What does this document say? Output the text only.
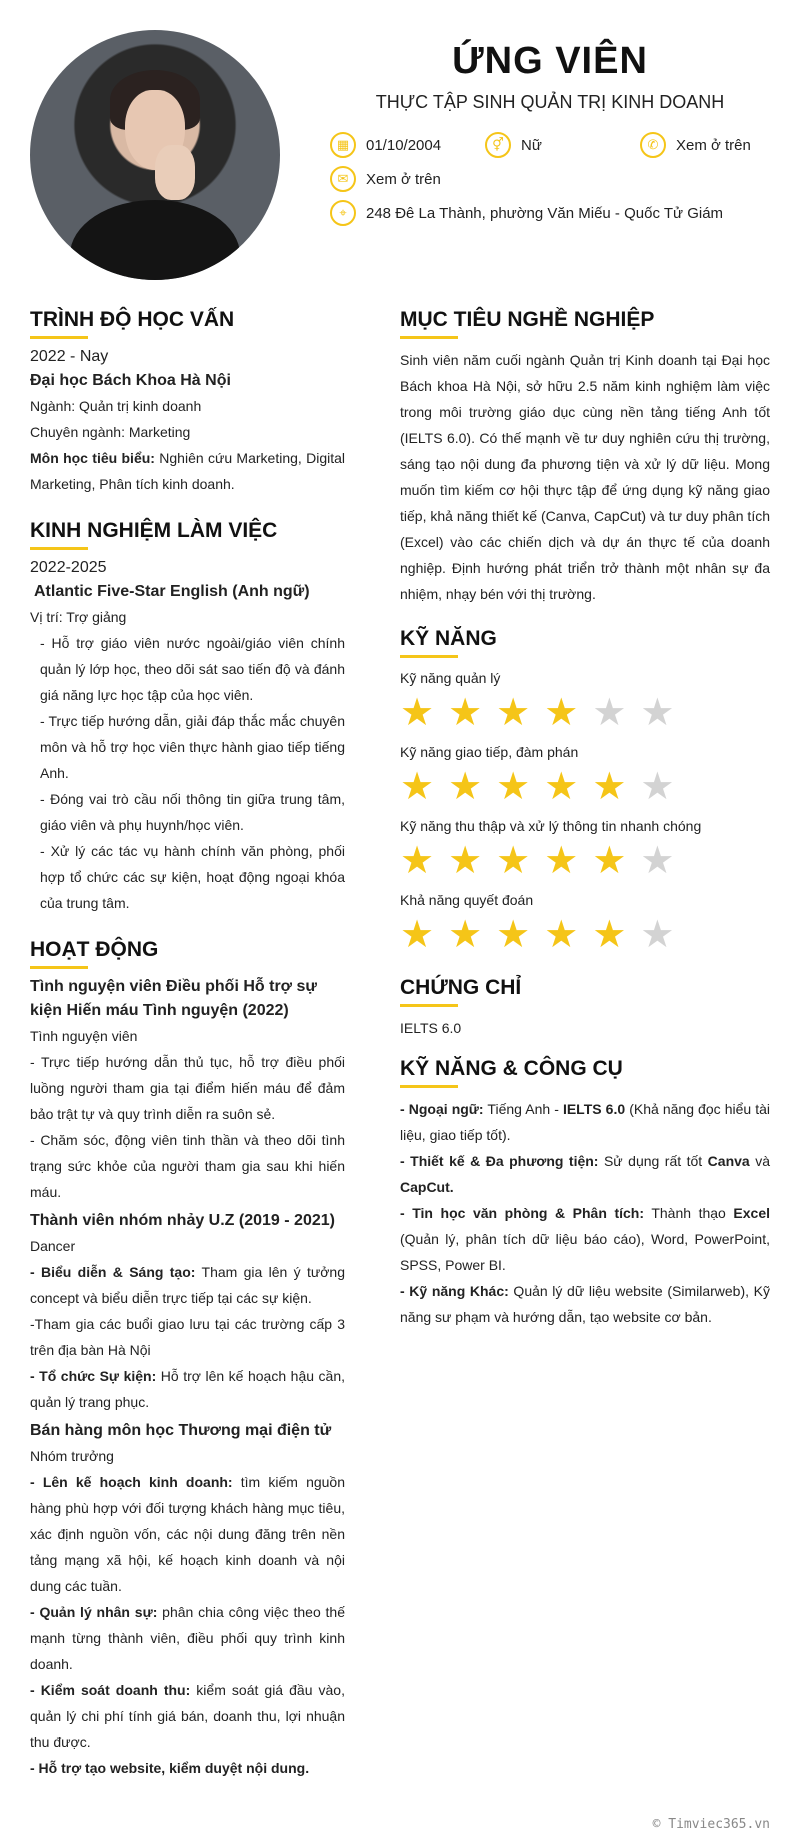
ỨNG VIÊN
THỰC TẬP SINH QUẢN TRỊ KINH DOANH
▦	01/10/2004	⚥	Nữ	✆	Xem ở trên
✉	Xem ở trên
⌖	248 Đê La Thành, phường Văn Miếu - Quốc Tử Giám
TRÌNH ĐỘ HỌC VẤN
2022 - Nay
Đại học Bách Khoa Hà Nội
Ngành: Quản trị kinh doanh
Chuyên ngành: Marketing
Môn học tiêu biểu: Nghiên cứu Marketing, Digital Marketing, Phân tích kinh doanh.
KINH NGHIỆM LÀM VIỆC
2022-2025
Atlantic Five-Star English (Anh ngữ)
Vị trí: Trợ giảng
- Hỗ trợ giáo viên nước ngoài/giáo viên chính quản lý lớp học, theo dõi sát sao tiến độ và đánh giá năng lực học tập của học viên.
- Trực tiếp hướng dẫn, giải đáp thắc mắc chuyên môn và hỗ trợ học viên thực hành giao tiếp tiếng Anh.
- Đóng vai trò cầu nối thông tin giữa trung tâm, giáo viên và phụ huynh/học viên.
- Xử lý các tác vụ hành chính văn phòng, phối hợp tổ chức các sự kiện, hoạt động ngoại khóa của trung tâm.
HOẠT ĐỘNG
Tình nguyện viên Điều phối Hỗ trợ sự kiện Hiến máu Tình nguyện (2022)
Tình nguyện viên
- Trực tiếp hướng dẫn thủ tục, hỗ trợ điều phối luồng người tham gia tại điểm hiến máu để đảm bảo trật tự và quy trình diễn ra suôn sẻ.
- Chăm sóc, động viên tinh thần và theo dõi tình trạng sức khỏe của người tham gia sau khi hiến máu.
Thành viên nhóm nhảy U.Z (2019 - 2021)
Dancer
- Biểu diễn & Sáng tạo: Tham gia lên ý tưởng concept và biểu diễn trực tiếp tại các sự kiện.
-Tham gia các buổi giao lưu tại các trường cấp 3 trên địa bàn Hà Nội
- Tổ chức Sự kiện: Hỗ trợ lên kế hoạch hậu cần, quản lý trang phục.
Bán hàng môn học Thương mại điện tử
Nhóm trưởng
- Lên kế hoạch kinh doanh: tìm kiếm nguồn hàng phù hợp với đối tượng khách hàng mục tiêu, xác định nguồn vốn, các nội dung đăng trên nền tảng mạng xã hội, kế hoạch kinh doanh và nội dung các tuần.
- Quản lý nhân sự: phân chia công việc theo thế mạnh từng thành viên, điều phối quy trình kinh doanh.
- Kiểm soát doanh thu: kiểm soát giá đầu vào, quản lý chi phí tính giá bán, doanh thu, lợi nhuận thu được.
- Hỗ trợ tạo website, kiểm duyệt nội dung.
MỤC TIÊU NGHỀ NGHIỆP
Sinh viên năm cuối ngành Quản trị Kinh doanh tại Đại học Bách khoa Hà Nội, sở hữu 2.5 năm kinh nghiệm làm việc trong môi trường giáo dục cùng nền tảng tiếng Anh tốt (IELTS 6.0). Có thế mạnh về tư duy nghiên cứu thị trường, sáng tạo nội dung đa phương tiện và xử lý dữ liệu. Mong muốn tìm kiếm cơ hội thực tập để ứng dụng kỹ năng giao tiếp, khả năng thiết kế (Canva, CapCut) và tư duy phân tích (Excel) vào các chiến dịch và dự án thực tế của doanh nghiệp. Định hướng phát triển trở thành một nhân sự đa nhiệm, nhạy bén với thị trường.
KỸ NĂNG
Kỹ năng quản lý
★ ★ ★ ★ ★ ★
Kỹ năng giao tiếp, đàm phán
★ ★ ★ ★ ★ ★
Kỹ năng thu thập và xử lý thông tin nhanh chóng
★ ★ ★ ★ ★ ★
Khả năng quyết đoán
★ ★ ★ ★ ★ ★
CHỨNG CHỈ
IELTS 6.0
KỸ NĂNG & CÔNG CỤ
- Ngoại ngữ: Tiếng Anh - IELTS 6.0 (Khả năng đọc hiểu tài liệu, giao tiếp tốt).
- Thiết kế & Đa phương tiện: Sử dụng rất tốt Canva và CapCut.
- Tin học văn phòng & Phân tích: Thành thạo Excel (Quản lý, phân tích dữ liệu báo cáo), Word, PowerPoint, SPSS, Power BI.
- Kỹ năng Khác: Quản lý dữ liệu website (Similarweb), Kỹ năng sư phạm và hướng dẫn, tạo website cơ bản.
© Timviec365.vn
